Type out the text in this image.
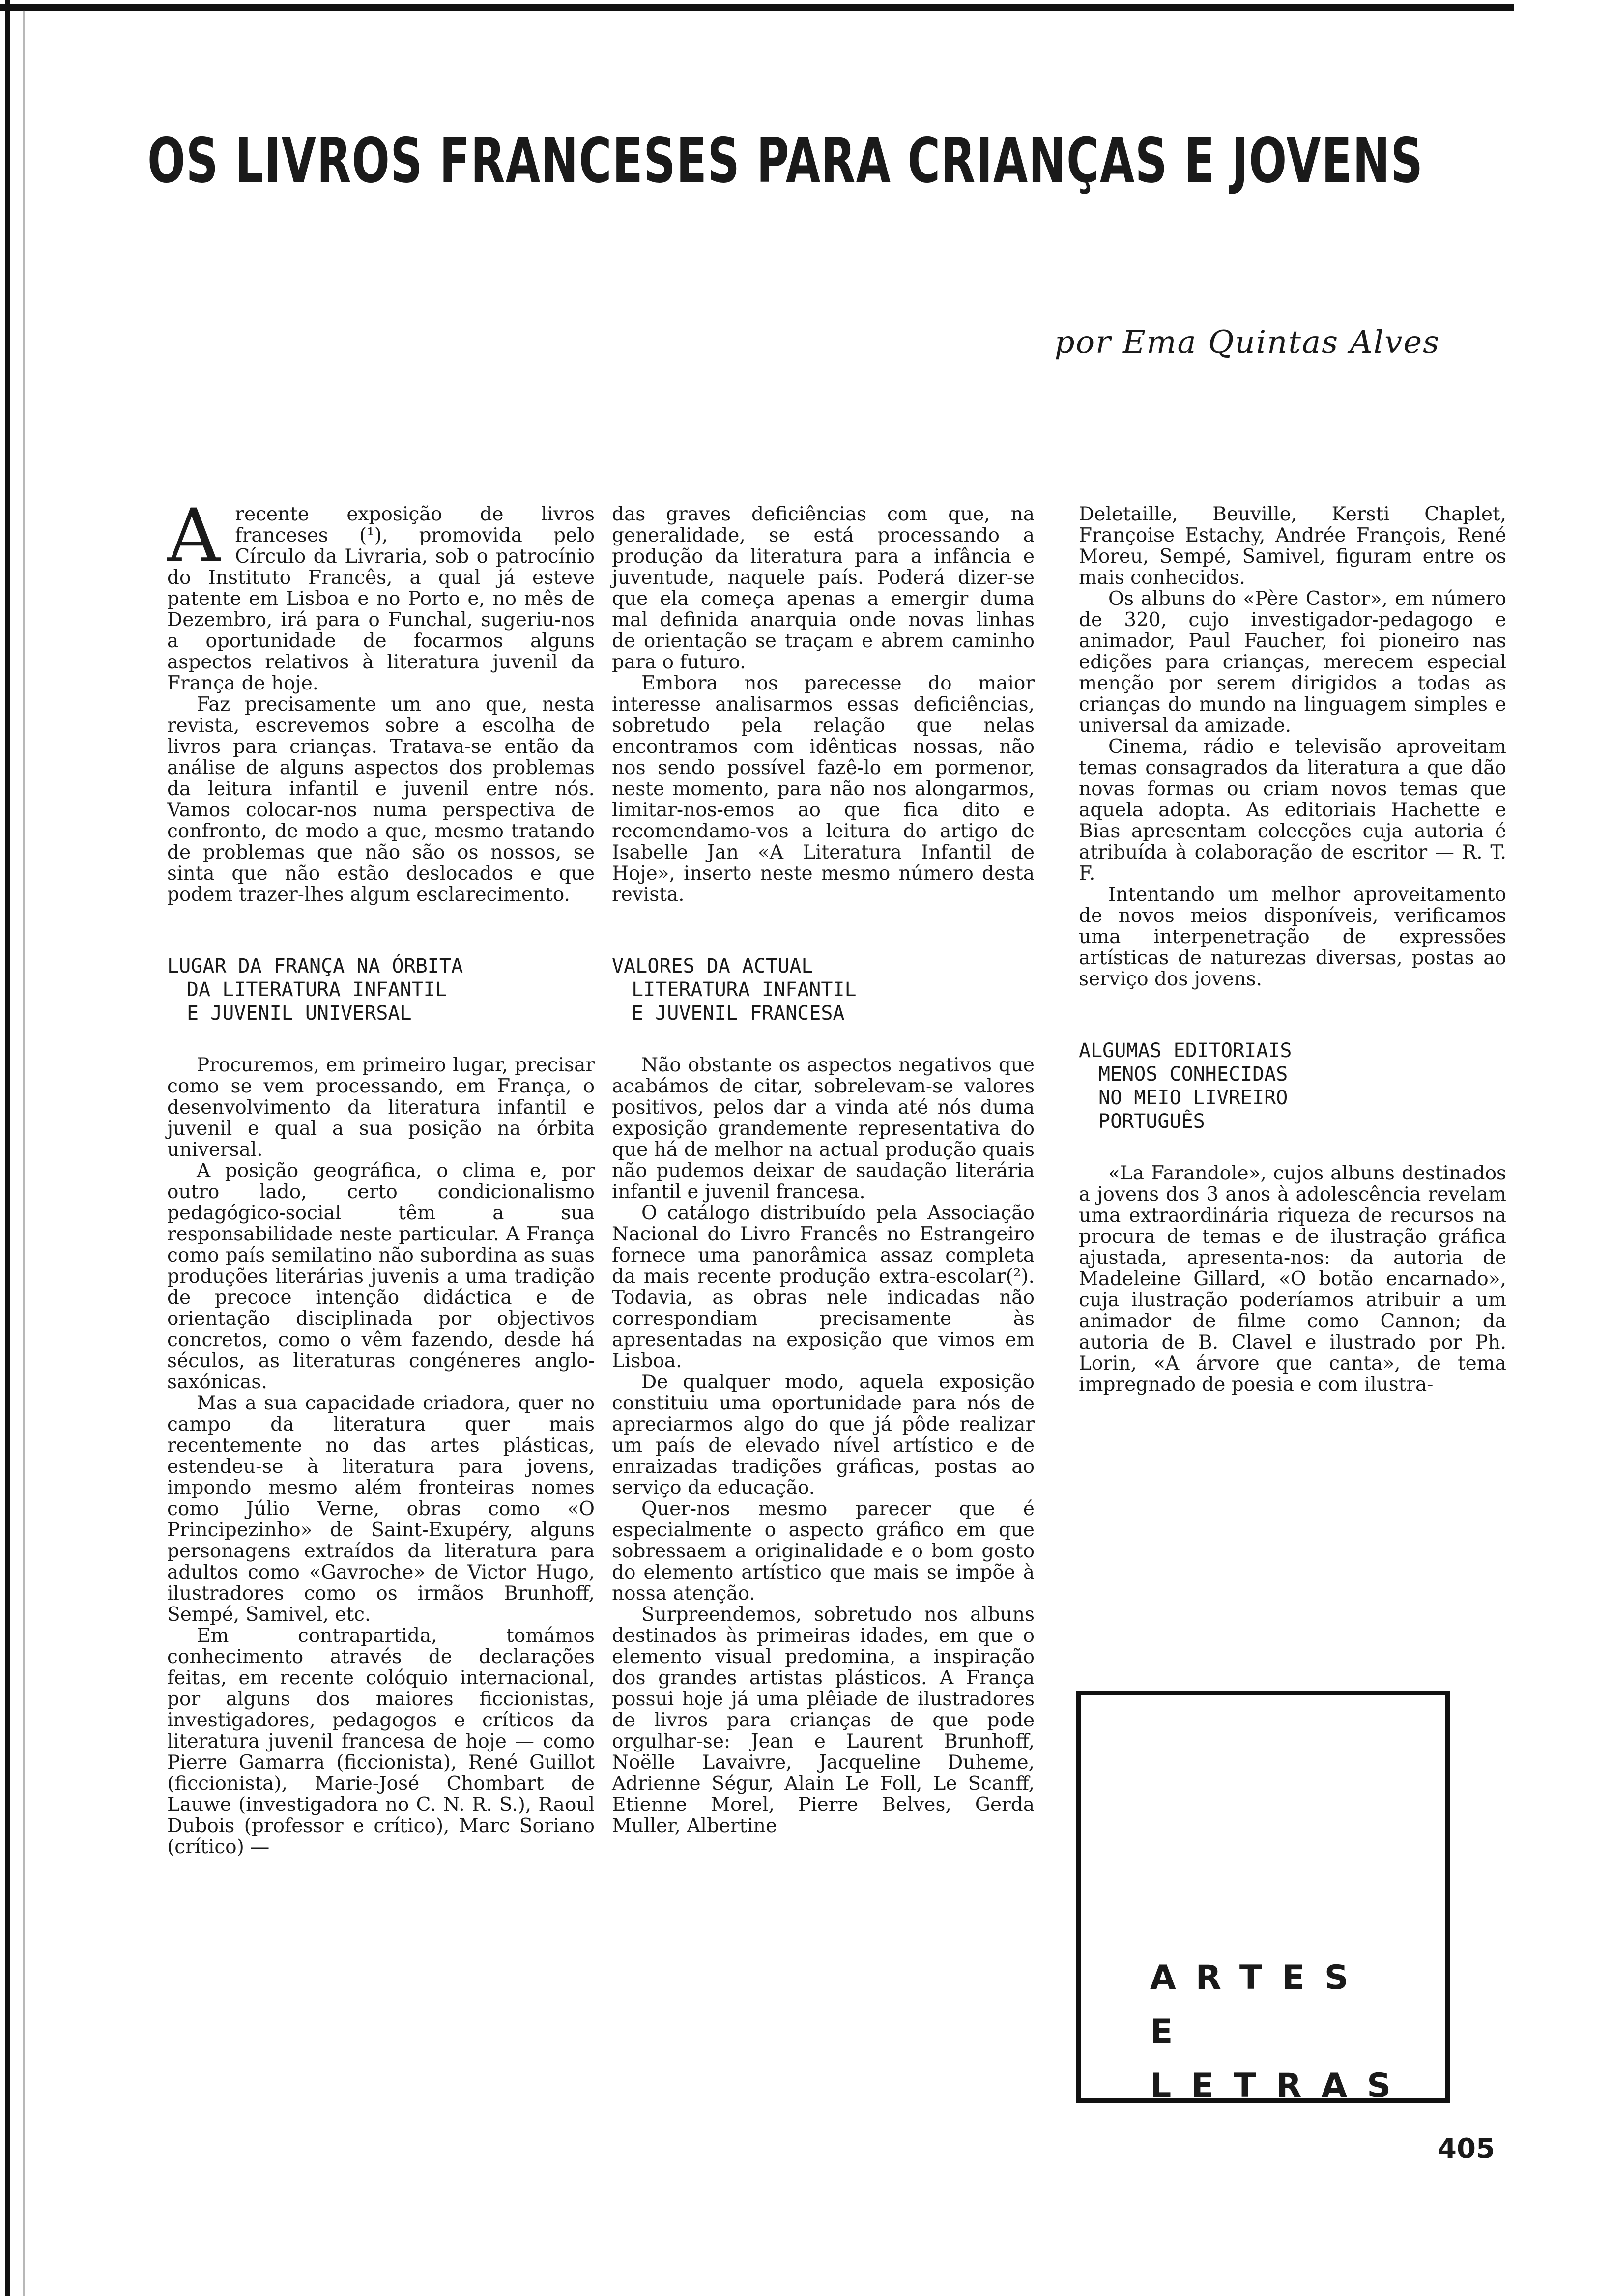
OS LIVROS FRANCESES PARA CRIANÇAS E JOVENS

por Ema Quintas Alves

Arecente exposição de livros franceses (¹), promovida pelo Círculo da Livraria, sob o patrocínio do Instituto Francês, a qual já esteve patente em Lisboa e no Porto e, no mês de Dezembro, irá para o Funchal, sugeriu-nos a oportunidade de focarmos alguns aspectos relativos à literatura juvenil da França de hoje.

Faz precisamente um ano que, nesta revista, escrevemos sobre a escolha de livros para crianças. Tratava-se então da análise de alguns aspectos dos problemas da leitura infantil e juvenil entre nós. Vamos colocar-nos numa perspectiva de confronto, de modo a que, mesmo tratando de problemas que não são os nossos, se sinta que não estão deslocados e que podem trazer-lhes algum esclarecimento.

LUGAR DA FRANÇA NA ÓRBITA
DA LITERATURA INFANTIL
E JUVENIL UNIVERSAL

Procuremos, em primeiro lugar, precisar como se vem processando, em França, o desenvolvimento da literatura infantil e juvenil e qual a sua posição na órbita universal.

A posição geográfica, o clima e, por outro lado, certo condicionalismo pedagógico-social têm a sua responsabilidade neste particular. A França como país semilatino não subordina as suas produções literárias juvenis a uma tradição de precoce intenção didáctica e de orientação disciplinada por objectivos concretos, como o vêm fazendo, desde há séculos, as literaturas congéneres anglo-saxónicas.

Mas a sua capacidade criadora, quer no campo da literatura quer mais recentemente no das artes plásticas, estendeu-se à literatura para jovens, impondo mesmo além fronteiras nomes como Júlio Verne, obras como «O Principezinho» de Saint-Exupéry, alguns personagens extraídos da literatura para adultos como «Gavroche» de Victor Hugo, ilustradores como os irmãos Brunhoff, Sempé, Samivel, etc.

Em contrapartida, tomámos conhecimento através de declarações feitas, em recente colóquio internacional, por alguns dos maiores ficcionistas, investigadores, pedagogos e críticos da literatura juvenil francesa de hoje — como Pierre Gamarra (ficcionista), René Guillot (ficcionista), Marie-José Chombart de Lauwe (investigadora no C. N. R. S.), Raoul Dubois (professor e crítico), Marc Soriano (crítico) —

das graves deficiências com que, na generalidade, se está processando a produção da literatura para a infância e juventude, naquele país. Poderá dizer-se que ela começa apenas a emergir duma mal definida anarquia onde novas linhas de orientação se traçam e abrem caminho para o futuro.

Embora nos parecesse do maior interesse analisarmos essas deficiências, sobretudo pela relação que nelas encontramos com idênticas nossas, não nos sendo possível fazê-lo em pormenor, neste momento, para não nos alongarmos, limitar-nos-emos ao que fica dito e recomendamo-vos a leitura do artigo de Isabelle Jan «A Literatura Infantil de Hoje», inserto neste mesmo número desta revista.

VALORES DA ACTUAL
LITERATURA INFANTIL
E JUVENIL FRANCESA

Não obstante os aspectos negativos que acabámos de citar, sobrelevam-se valores positivos, pelos dar a vinda até nós duma exposição grandemente representativa do que há de melhor na actual produção quais não pudemos deixar de saudação literária infantil e juvenil francesa.

O catálogo distribuído pela Associação Nacional do Livro Francês no Estrangeiro fornece uma panorâmica assaz completa da mais recente produção extra-escolar(²). Todavia, as obras nele indicadas não correspondiam precisamente às apresentadas na exposição que vimos em Lisboa.

De qualquer modo, aquela exposição constituiu uma oportunidade para nós de apreciarmos algo do que já pôde realizar um país de elevado nível artístico e de enraizadas tradições gráficas, postas ao serviço da educação.

Quer-nos mesmo parecer que é especialmente o aspecto gráfico em que sobressaem a originalidade e o bom gosto do elemento artístico que mais se impõe à nossa atenção.

Surpreendemos, sobretudo nos albuns destinados às primeiras idades, em que o elemento visual predomina, a inspiração dos grandes artistas plásticos. A França possui hoje já uma plêiade de ilustradores de livros para crianças de que pode orgulhar-se: Jean e Laurent Brunhoff, Noëlle Lavaivre, Jacqueline Duheme, Adrienne Ségur, Alain Le Foll, Le Scanff, Etienne Morel, Pierre Belves, Gerda Muller, Albertine

Deletaille, Beuville, Kersti Chaplet, Françoise Estachy, Andrée François, René Moreu, Sempé, Samivel, figuram entre os mais conhecidos.

Os albuns do «Père Castor», em número de 320, cujo investigador-pedagogo e animador, Paul Faucher, foi pioneiro nas edições para crianças, merecem especial menção por serem dirigidos a todas as crianças do mundo na linguagem simples e universal da amizade.

Cinema, rádio e televisão aproveitam temas consagrados da literatura a que dão novas formas ou criam novos temas que aquela adopta. As editoriais Hachette e Bias apresentam colecções cuja autoria é atribuída à colaboração de escritor — R. T. F.

Intentando um melhor aproveitamento de novos meios disponíveis, verificamos uma interpenetração de expressões artísticas de naturezas diversas, postas ao serviço dos jovens.

ALGUMAS EDITORIAIS
MENOS CONHECIDAS
NO MEIO LIVREIRO
PORTUGUÊS

«La Farandole», cujos albuns destinados a jovens dos 3 anos à adolescência revelam uma extraordinária riqueza de recursos na procura de temas e de ilustração gráfica ajustada, apresenta-nos: da autoria de Madeleine Gillard, «O botão encarnado», cuja ilustração poderíamos atribuir a um animador de filme como Cannon; da autoria de B. Clavel e ilustrado por Ph. Lorin, «A árvore que canta», de tema impregnado de poesia e com ilustra-

ARTES
E LETRAS

405
